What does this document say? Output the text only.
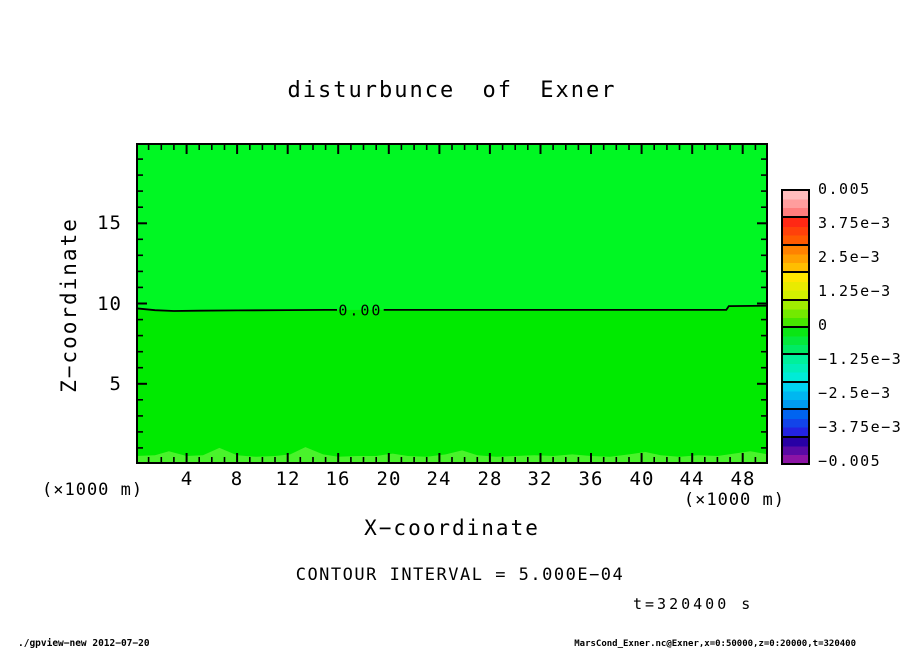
disturbunce of Exner
Z−coordinate	0.00
5
10
15
4	8	12	16	20	24	28	32	36	40	44	48
(×1000 m)	(×1000 m)
X−coordinate
CONTOUR INTERVAL = 5.000E−04
t=320400 s
0.005
3.75e−3
2.5e−3
1.25e−3
0
−1.25e−3
−2.5e−3
−3.75e−3
−0.005
./gpview−new 2012−07−20	MarsCond_Exner.nc@Exner,x=0:50000,z=0:20000,t=320400
